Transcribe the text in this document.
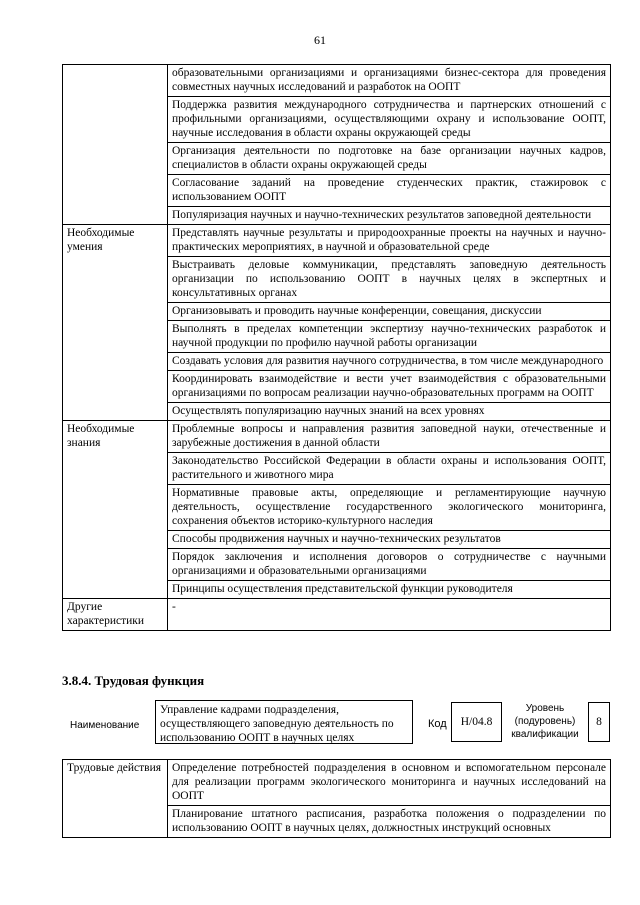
61
	образовательными организациями и организациями бизнес-сектора для проведения совместных научных исследований и разработок на ООПТ
	Поддержка развития международного сотрудничества и партнерских отношений с профильными организациями, осуществляющими охрану и использование ООПТ, научные исследования в области охраны окружающей среды
	Организация деятельности по подготовке на базе организации научных кадров, специалистов в области охраны окружающей среды
	Согласование заданий на проведение студенческих практик, стажировок с использованием ООПТ
	Популяризация научных и научно-технических результатов заповедной деятельности
Необходимые умения	Представлять научные результаты и природоохранные проекты на научных и научно-практических мероприятиях, в научной и образовательной среде
	Выстраивать деловые коммуникации, представлять заповедную деятельность организации по использованию ООПТ в научных целях в экспертных и консультативных органах
	Организовывать и проводить научные конференции, совещания, дискуссии
	Выполнять в пределах компетенции экспертизу научно-технических разработок и научной продукции по профилю научной работы организации
	Создавать условия для развития научного сотрудничества, в том числе международного
	Координировать взаимодействие и вести учет взаимодействия с образовательными организациями по вопросам реализации научно-образовательных программ на ООПТ
	Осуществлять популяризацию научных знаний на всех уровнях
Необходимые знания	Проблемные вопросы и направления развития заповедной науки, отечественные и зарубежные достижения в данной области
	Законодательство Российской Федерации в области охраны и использования ООПТ, растительного и животного мира
	Нормативные правовые акты, определяющие и регламентирующие научную деятельность, осуществление государственного экологического мониторинга, сохранения объектов историко-культурного наследия
	Способы продвижения научных и научно-технических результатов
	Порядок заключения и исполнения договоров о сотрудничестве с научными организациями и образовательными организациями
	Принципы осуществления представительской функции руководителя
Другие характеристики	-
3.8.4. Трудовая функция
Наименование
Управление кадрами подразделения, осуществляющего заповедную деятельность по использованию ООПТ в научных целях
Код	H/04.8
Уровень (подуровень) квалификации
8
Трудовые действия	Определение потребностей подразделения в основном и вспомогательном персонале для реализации программ экологического мониторинга и научных исследований на ООПТ
Планирование штатного расписания, разработка положения о подразделении по использованию ООПТ в научных целях, должностных инструкций основных
